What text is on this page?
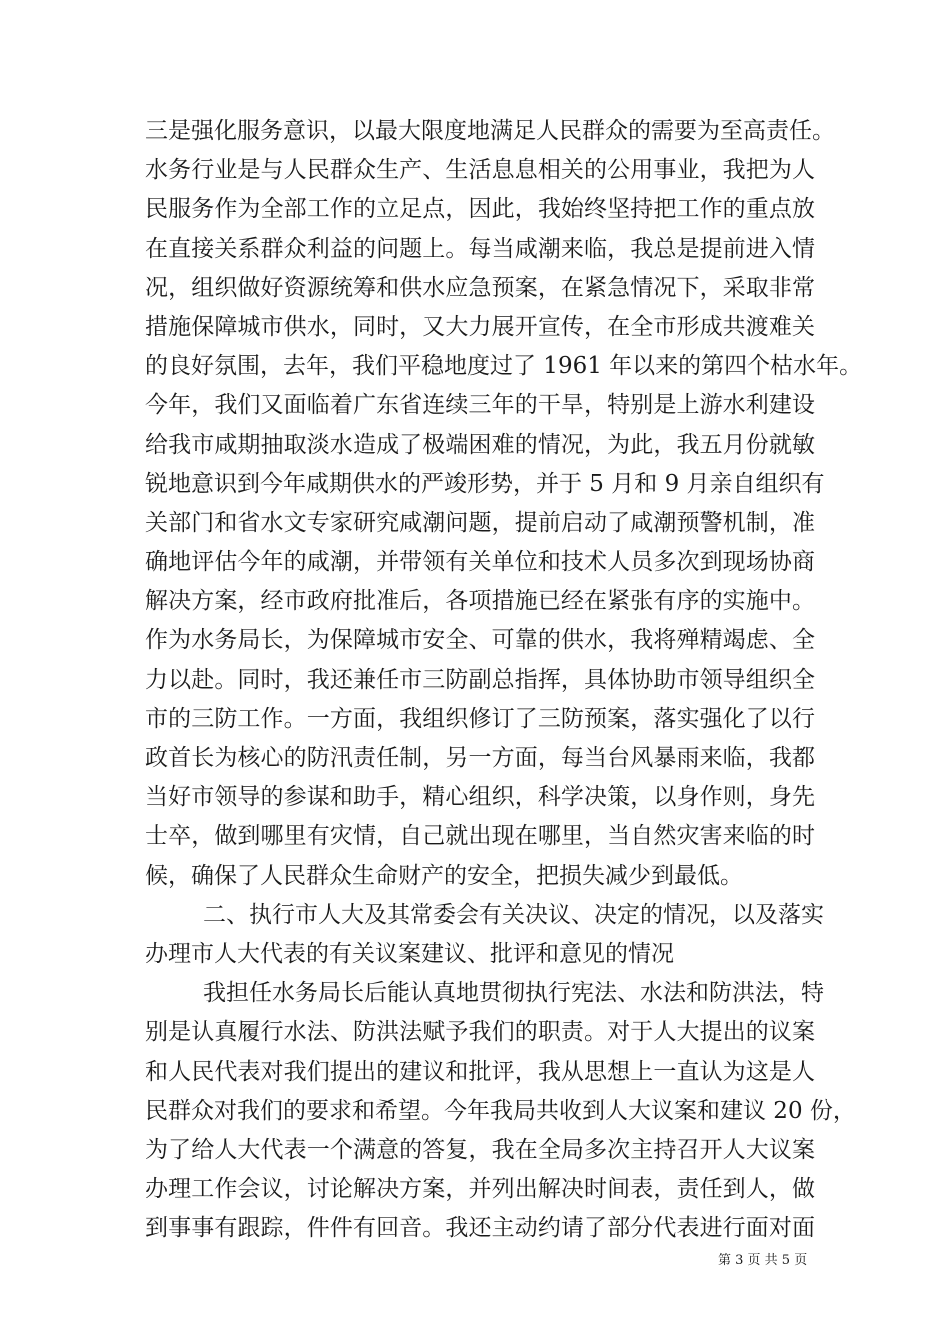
三是强化服务意识，以最大限度地满足人民群众的需要为至高责任。
水务行业是与人民群众生产、生活息息相关的公用事业，我把为人
民服务作为全部工作的立足点，因此，我始终坚持把工作的重点放
在直接关系群众利益的问题上。每当咸潮来临，我总是提前进入情
况，组织做好资源统筹和供水应急预案，在紧急情况下，采取非常
措施保障城市供水，同时，又大力展开宣传，在全市形成共渡难关
的良好氛围，去年，我们平稳地度过了 1961 年以来的第四个枯水年。
今年，我们又面临着广东省连续三年的干旱，特别是上游水利建设
给我市咸期抽取淡水造成了极端困难的情况，为此，我五月份就敏
锐地意识到今年咸期供水的严竣形势，并于 5 月和 9 月亲自组织有
关部门和省水文专家研究咸潮问题，提前启动了咸潮预警机制，准
确地评估今年的咸潮，并带领有关单位和技术人员多次到现场协商
解决方案，经市政府批准后，各项措施已经在紧张有序的实施中。
作为水务局长，为保障城市安全、可靠的供水，我将殚精竭虑、全
力以赴。同时，我还兼任市三防副总指挥，具体协助市领导组织全
市的三防工作。一方面，我组织修订了三防预案，落实强化了以行
政首长为核心的防汛责任制，另一方面，每当台风暴雨来临，我都
当好市领导的参谋和助手，精心组织，科学决策，以身作则，身先
士卒，做到哪里有灾情，自己就出现在哪里，当自然灾害来临的时
候，确保了人民群众生命财产的安全，把损失减少到最低。
二、执行市人大及其常委会有关决议、决定的情况，以及落实
办理市人大代表的有关议案建议、批评和意见的情况
我担任水务局长后能认真地贯彻执行宪法、水法和防洪法，特
别是认真履行水法、防洪法赋予我们的职责。对于人大提出的议案
和人民代表对我们提出的建议和批评，我从思想上一直认为这是人
民群众对我们的要求和希望。今年我局共收到人大议案和建议 20 份，
为了给人大代表一个满意的答复，我在全局多次主持召开人大议案
办理工作会议，讨论解决方案，并列出解决时间表，责任到人，做
到事事有跟踪，件件有回音。我还主动约请了部分代表进行面对面
第 3 页 共 5 页
